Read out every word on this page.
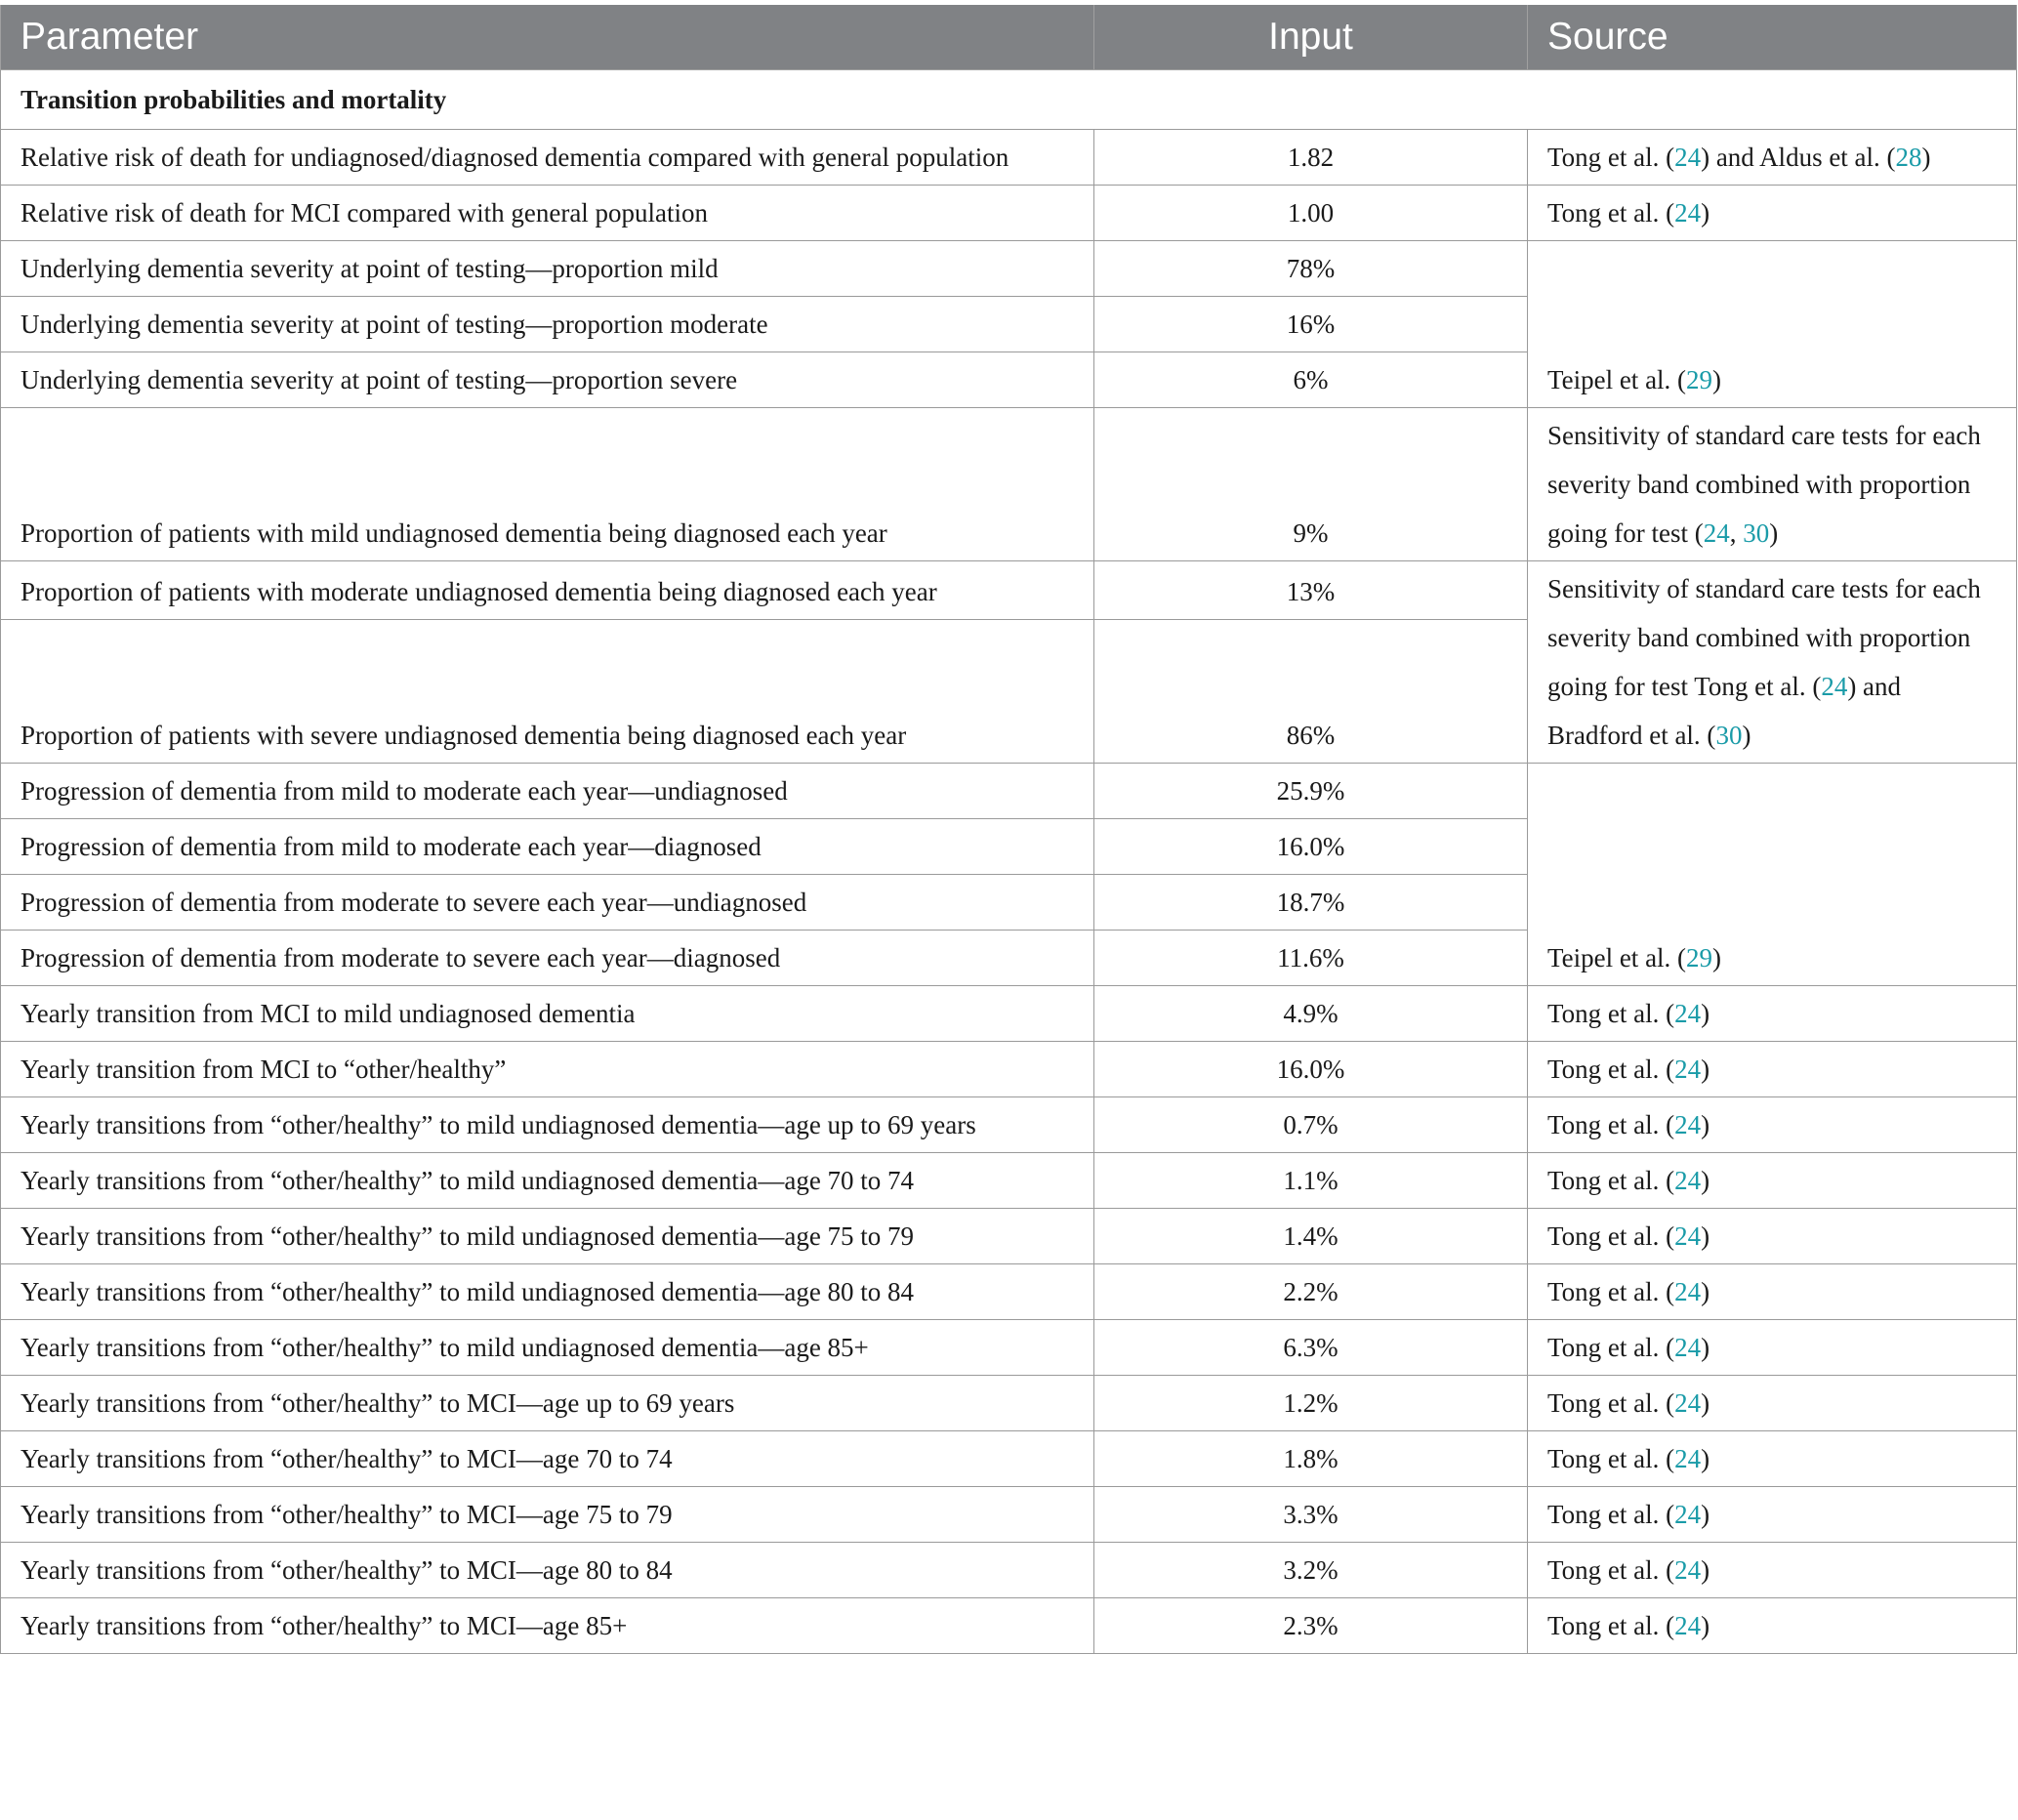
Parameter	Input	Source
Transition probabilities and mortality		
Relative risk of death for undiagnosed/diagnosed dementia compared with general population	1.82	Tong et al. (24) and Aldus et al. (28)
Relative risk of death for MCI compared with general population	1.00	Tong et al. (24)
Underlying dementia severity at point of testing—proportion mild	78%	Teipel et al. (29)
Underlying dementia severity at point of testing—proportion moderate	16%	
Underlying dementia severity at point of testing—proportion severe	6%	
Proportion of patients with mild undiagnosed dementia being diagnosed each year	9%	Sensitivity of standard care tests for each severity band combined with proportion going for test (24, 30)
Proportion of patients with moderate undiagnosed dementia being diagnosed each year	13%	Sensitivity of standard care tests for each severity band combined with proportion going for test Tong et al. (24) and Bradford et al. (30)
Proportion of patients with severe undiagnosed dementia being diagnosed each year	86%	
Progression of dementia from mild to moderate each year—undiagnosed	25.9%	Teipel et al. (29)
Progression of dementia from mild to moderate each year—diagnosed	16.0%	
Progression of dementia from moderate to severe each year—undiagnosed	18.7%	
Progression of dementia from moderate to severe each year—diagnosed	11.6%	
Yearly transition from MCI to mild undiagnosed dementia	4.9%	Tong et al. (24)
Yearly transition from MCI to “other/healthy”	16.0%	Tong et al. (24)
Yearly transitions from “other/healthy” to mild undiagnosed dementia—age up to 69 years	0.7%	Tong et al. (24)
Yearly transitions from “other/healthy” to mild undiagnosed dementia—age 70 to 74	1.1%	Tong et al. (24)
Yearly transitions from “other/healthy” to mild undiagnosed dementia—age 75 to 79	1.4%	Tong et al. (24)
Yearly transitions from “other/healthy” to mild undiagnosed dementia—age 80 to 84	2.2%	Tong et al. (24)
Yearly transitions from “other/healthy” to mild undiagnosed dementia—age 85+	6.3%	Tong et al. (24)
Yearly transitions from “other/healthy” to MCI—age up to 69 years	1.2%	Tong et al. (24)
Yearly transitions from “other/healthy” to MCI—age 70 to 74	1.8%	Tong et al. (24)
Yearly transitions from “other/healthy” to MCI—age 75 to 79	3.3%	Tong et al. (24)
Yearly transitions from “other/healthy” to MCI—age 80 to 84	3.2%	Tong et al. (24)
Yearly transitions from “other/healthy” to MCI—age 85+	2.3%	Tong et al. (24)
